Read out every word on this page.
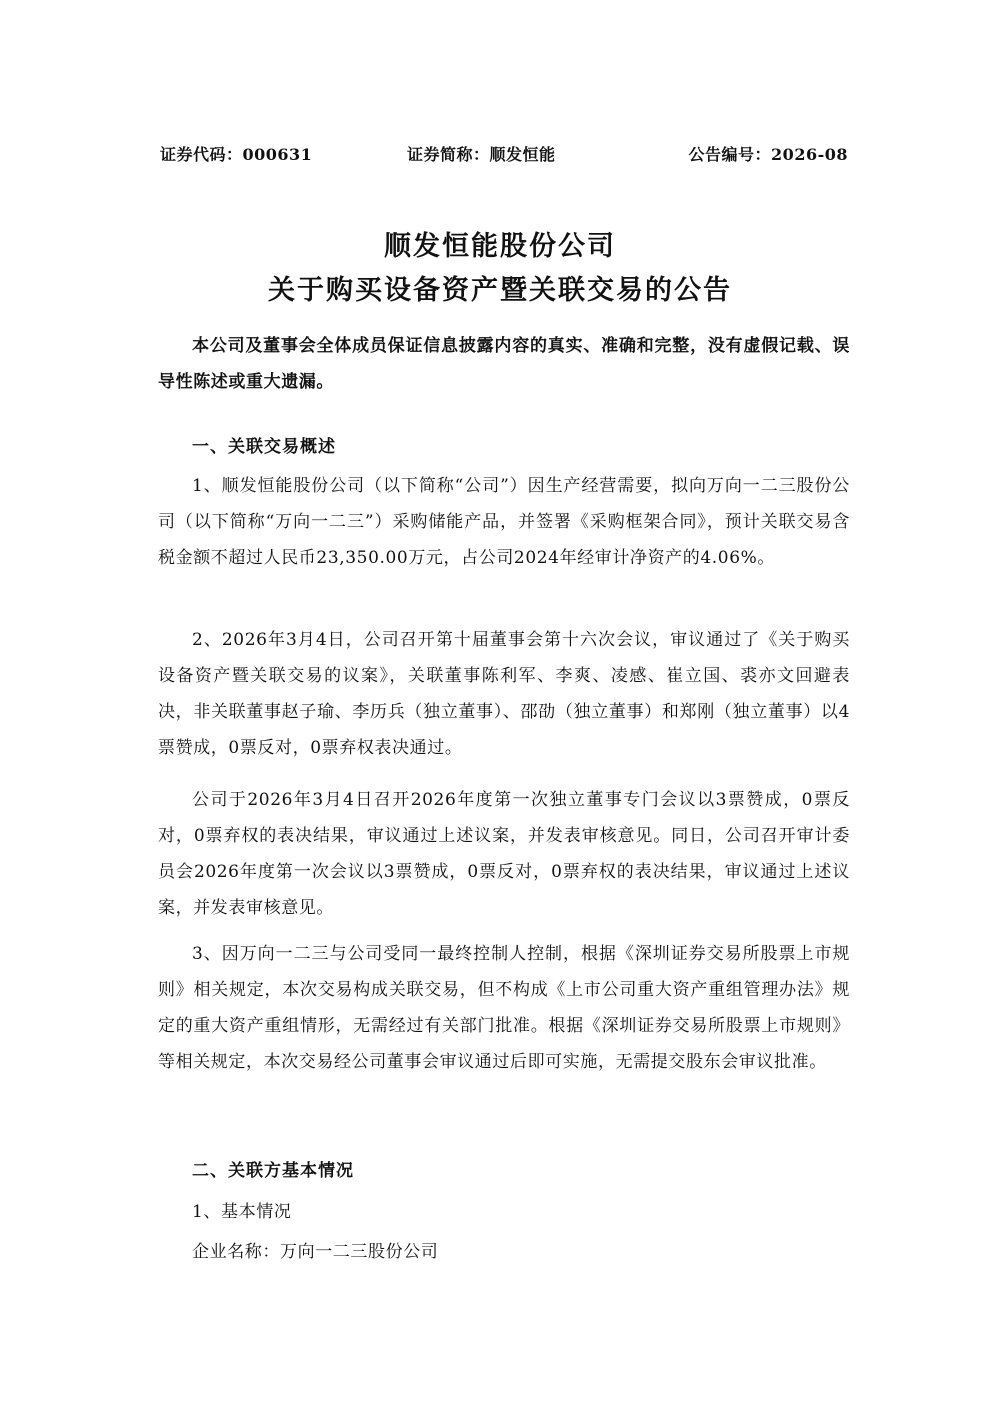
证券代码：000631	证券简称：顺发恒能	公告编号：2026-08
顺发恒能股份公司
关于购买设备资产暨关联交易的公告
本公司及董事会全体成员保证信息披露内容的真实、准确和完整，没有虚假记载、误导性陈述或重大遗漏。
一、关联交易概述
1、顺发恒能股份公司（以下简称“公司”）因生产经营需要，拟向万向一二三股份公司（以下简称“万向一二三”）采购储能产品，并签署《采购框架合同》，预计关联交易含税金额不超过人民币23,350.00万元，占公司2024年经审计净资产的4.06%。
2、2026年3月4日，公司召开第十届董事会第十六次会议，审议通过了《关于购买设备资产暨关联交易的议案》，关联董事陈利军、李爽、凌感、崔立国、裘亦文回避表决，非关联董事赵子瑜、李历兵（独立董事）、邵劭（独立董事）和郑刚（独立董事）以4票赞成，0票反对，0票弃权表决通过。
公司于2026年3月4日召开2026年度第一次独立董事专门会议以3票赞成，0票反对，0票弃权的表决结果，审议通过上述议案，并发表审核意见。同日，公司召开审计委员会2026年度第一次会议以3票赞成，0票反对，0票弃权的表决结果，审议通过上述议案，并发表审核意见。
3、因万向一二三与公司受同一最终控制人控制，根据《深圳证券交易所股票上市规则》相关规定，本次交易构成关联交易，但不构成《上市公司重大资产重组管理办法》规定的重大资产重组情形，无需经过有关部门批准。根据《深圳证券交易所股票上市规则》等相关规定，本次交易经公司董事会审议通过后即可实施，无需提交股东会审议批准。
二、关联方基本情况
1、基本情况
企业名称：万向一二三股份公司
